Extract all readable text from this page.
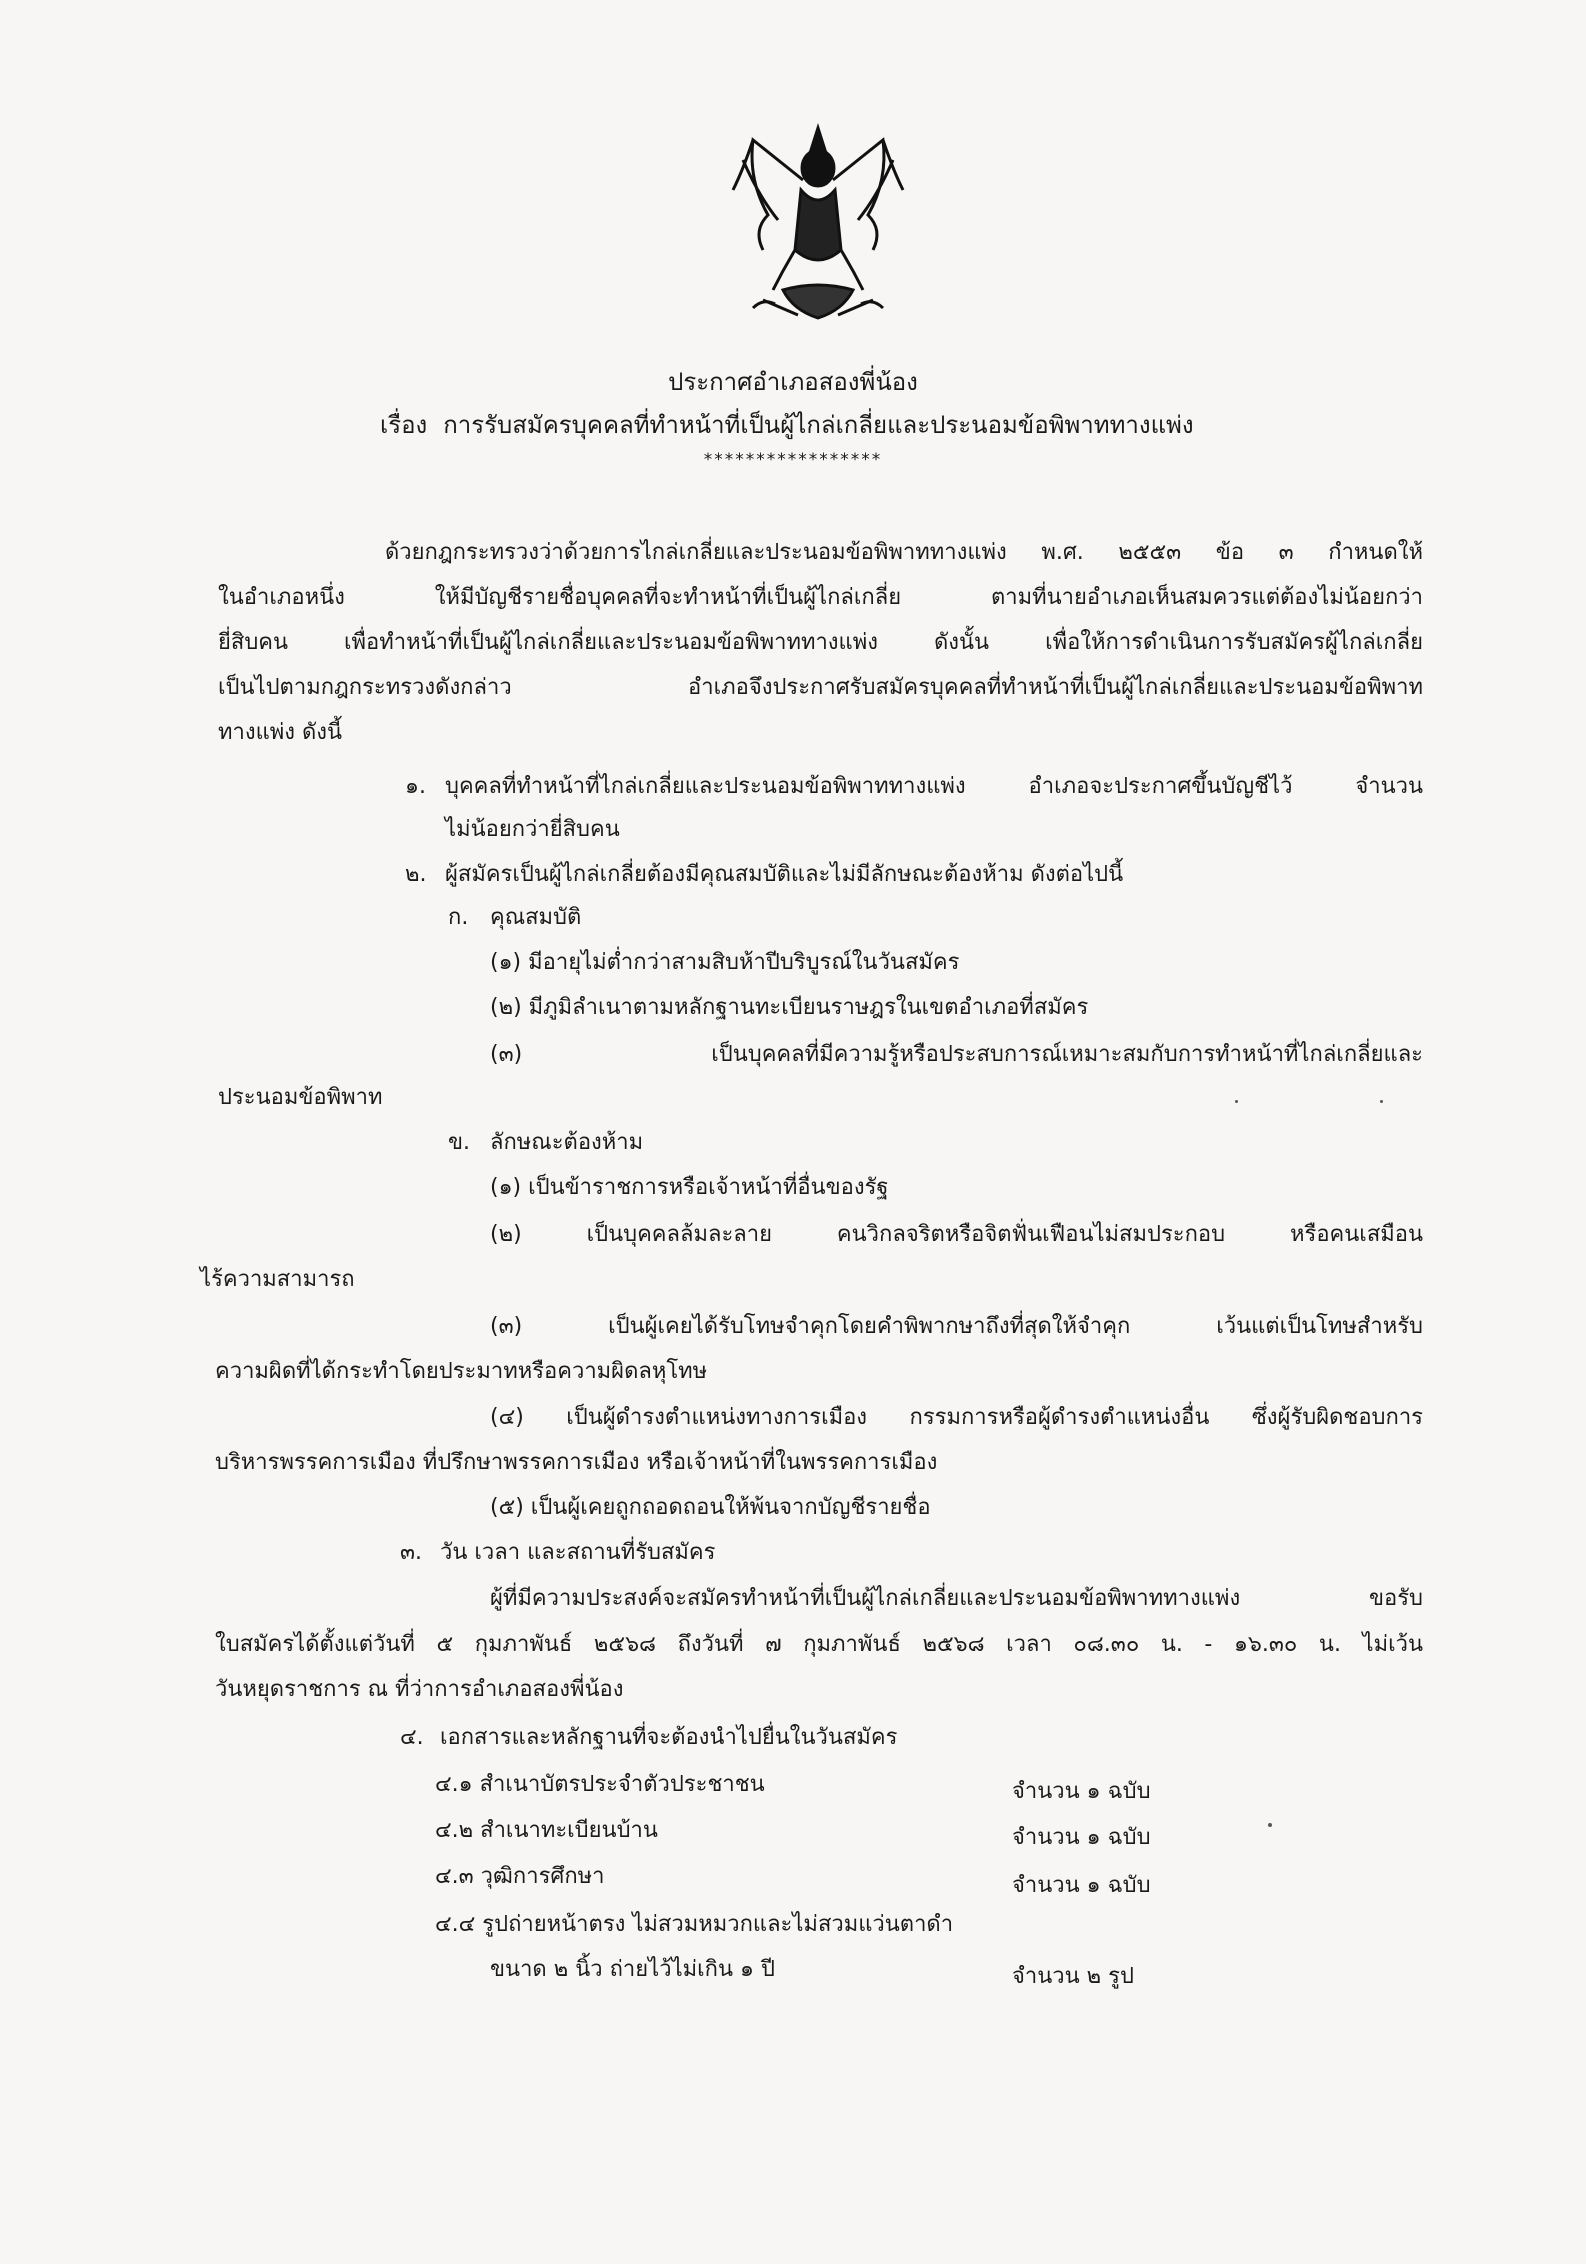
ประกาศอำเภอสองพี่น้อง
เรื่อง การรับสมัครบุคคลที่ทำหน้าที่เป็นผู้ไกล่เกลี่ยและประนอมข้อพิพาททางแพ่ง
*****************
ด้วยกฎกระทรวงว่าด้วยการไกล่เกลี่ยและประนอมข้อพิพาททางแพ่ง พ.ศ. ๒๕๕๓ ข้อ ๓ กำหนดให้
ในอำเภอหนึ่ง ให้มีบัญชีรายชื่อบุคคลที่จะทำหน้าที่เป็นผู้ไกล่เกลี่ย ตามที่นายอำเภอเห็นสมควรแต่ต้องไม่น้อยกว่า
ยี่สิบคน เพื่อทำหน้าที่เป็นผู้ไกล่เกลี่ยและประนอมข้อพิพาททางแพ่ง ดังนั้น เพื่อให้การดำเนินการรับสมัครผู้ไกล่เกลี่ย
เป็นไปตามกฎกระทรวงดังกล่าว อำเภอจึงประกาศรับสมัครบุคคลที่ทำหน้าที่เป็นผู้ไกล่เกลี่ยและประนอมข้อพิพาท
ทางแพ่ง ดังนี้
๑. บุคคลที่ทำหน้าที่ไกล่เกลี่ยและประนอมข้อพิพาททางแพ่ง อำเภอจะประกาศขึ้นบัญชีไว้ จำนวน
ไม่น้อยกว่ายี่สิบคน
๒. ผู้สมัครเป็นผู้ไกล่เกลี่ยต้องมีคุณสมบัติและไม่มีลักษณะต้องห้าม ดังต่อไปนี้
ก. คุณสมบัติ
(๑) มีอายุไม่ต่ำกว่าสามสิบห้าปีบริบูรณ์ในวันสมัคร
(๒) มีภูมิลำเนาตามหลักฐานทะเบียนราษฎรในเขตอำเภอที่สมัคร
(๓) เป็นบุคคลที่มีความรู้หรือประสบการณ์เหมาะสมกับการทำหน้าที่ไกล่เกลี่ยและ
ประนอมข้อพิพาท
ข. ลักษณะต้องห้าม
(๑) เป็นข้าราชการหรือเจ้าหน้าที่อื่นของรัฐ
(๒) เป็นบุคคลล้มละลาย คนวิกลจริตหรือจิตฟั่นเฟือนไม่สมประกอบ หรือคนเสมือน
ไร้ความสามารถ
(๓) เป็นผู้เคยได้รับโทษจำคุกโดยคำพิพากษาถึงที่สุดให้จำคุก เว้นแต่เป็นโทษสำหรับ
ความผิดที่ได้กระทำโดยประมาทหรือความผิดลหุโทษ
(๔) เป็นผู้ดำรงตำแหน่งทางการเมือง กรรมการหรือผู้ดำรงตำแหน่งอื่น ซึ่งผู้รับผิดชอบการ
บริหารพรรคการเมือง ที่ปรึกษาพรรคการเมือง หรือเจ้าหน้าที่ในพรรคการเมือง
(๕) เป็นผู้เคยถูกถอดถอนให้พ้นจากบัญชีรายชื่อ
๓. วัน เวลา และสถานที่รับสมัคร
ผู้ที่มีความประสงค์จะสมัครทำหน้าที่เป็นผู้ไกล่เกลี่ยและประนอมข้อพิพาททางแพ่ง ขอรับ
ใบสมัครได้ตั้งแต่วันที่ ๕ กุมภาพันธ์ ๒๕๖๘ ถึงวันที่ ๗ กุมภาพันธ์ ๒๕๖๘ เวลา ๐๘.๓๐ น. - ๑๖.๓๐ น. ไม่เว้น
วันหยุดราชการ ณ ที่ว่าการอำเภอสองพี่น้อง
๔. เอกสารและหลักฐานที่จะต้องนำไปยื่นในวันสมัคร
๔.๑ สำเนาบัตรประจำตัวประชาชน	จำนวน ๑ ฉบับ
๔.๒ สำเนาทะเบียนบ้าน	จำนวน ๑ ฉบับ
๔.๓ วุฒิการศึกษา	จำนวน ๑ ฉบับ
๔.๔ รูปถ่ายหน้าตรง ไม่สวมหมวกและไม่สวมแว่นตาดำ
ขนาด ๒ นิ้ว ถ่ายไว้ไม่เกิน ๑ ปี	จำนวน ๒ รูป
